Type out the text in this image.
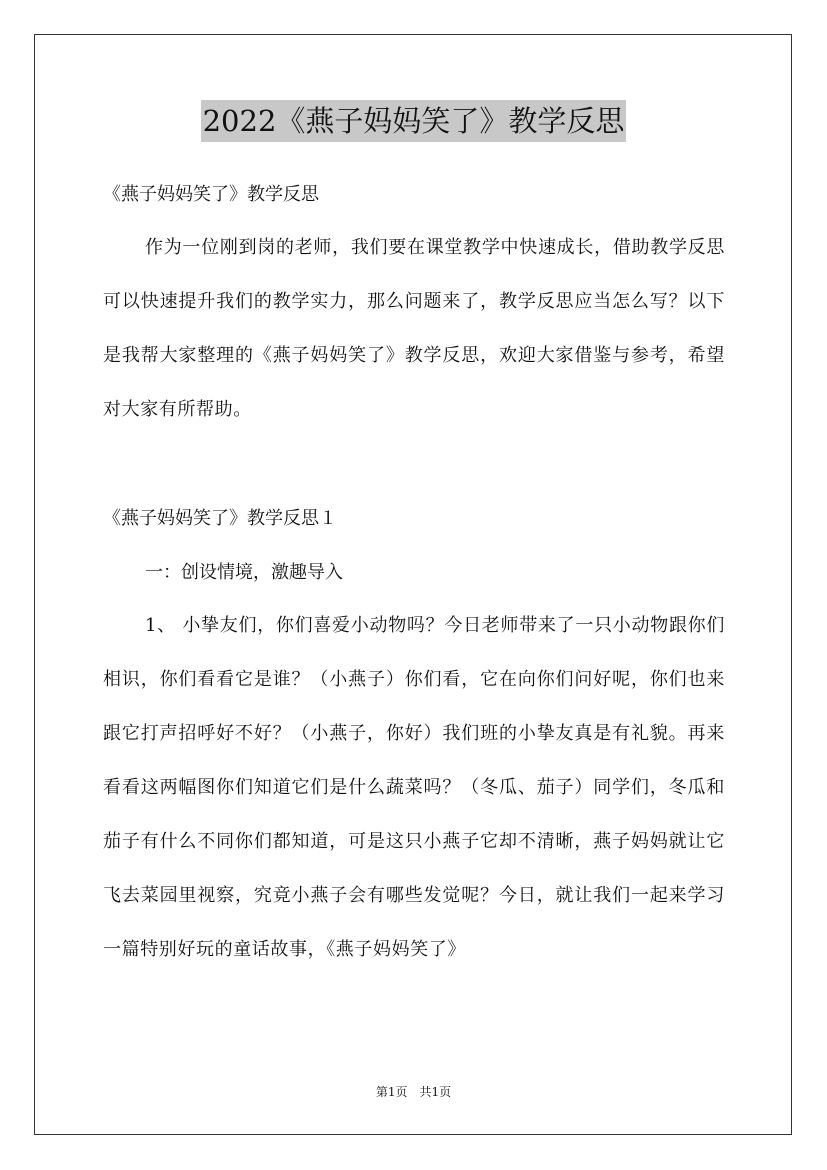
2022《燕子妈妈笑了》教学反思
《燕子妈妈笑了》教学反思
作为一位刚到岗的老师，我们要在课堂教学中快速成长，借助教学反思可以快速提升我们的教学实力，那么问题来了，教学反思应当怎么写？以下是我帮大家整理的《燕子妈妈笑了》教学反思，欢迎大家借鉴与参考，希望对大家有所帮助。
《燕子妈妈笑了》教学反思１
一：创设情境，激趣导入
1、 小挚友们，你们喜爱小动物吗？今日老师带来了一只小动物跟你们相识，你们看看它是谁？（小燕子）你们看，它在向你们问好呢，你们也来跟它打声招呼好不好？（小燕子，你好）我们班的小挚友真是有礼貌。再来看看这两幅图你们知道它们是什么蔬菜吗？（冬瓜、茄子）同学们，冬瓜和茄子有什么不同你们都知道，可是这只小燕子它却不清晰，燕子妈妈就让它飞去菜园里视察，究竟小燕子会有哪些发觉呢？今日，就让我们一起来学习一篇特别好玩的童话故事，《燕子妈妈笑了》
第1页　共1页
